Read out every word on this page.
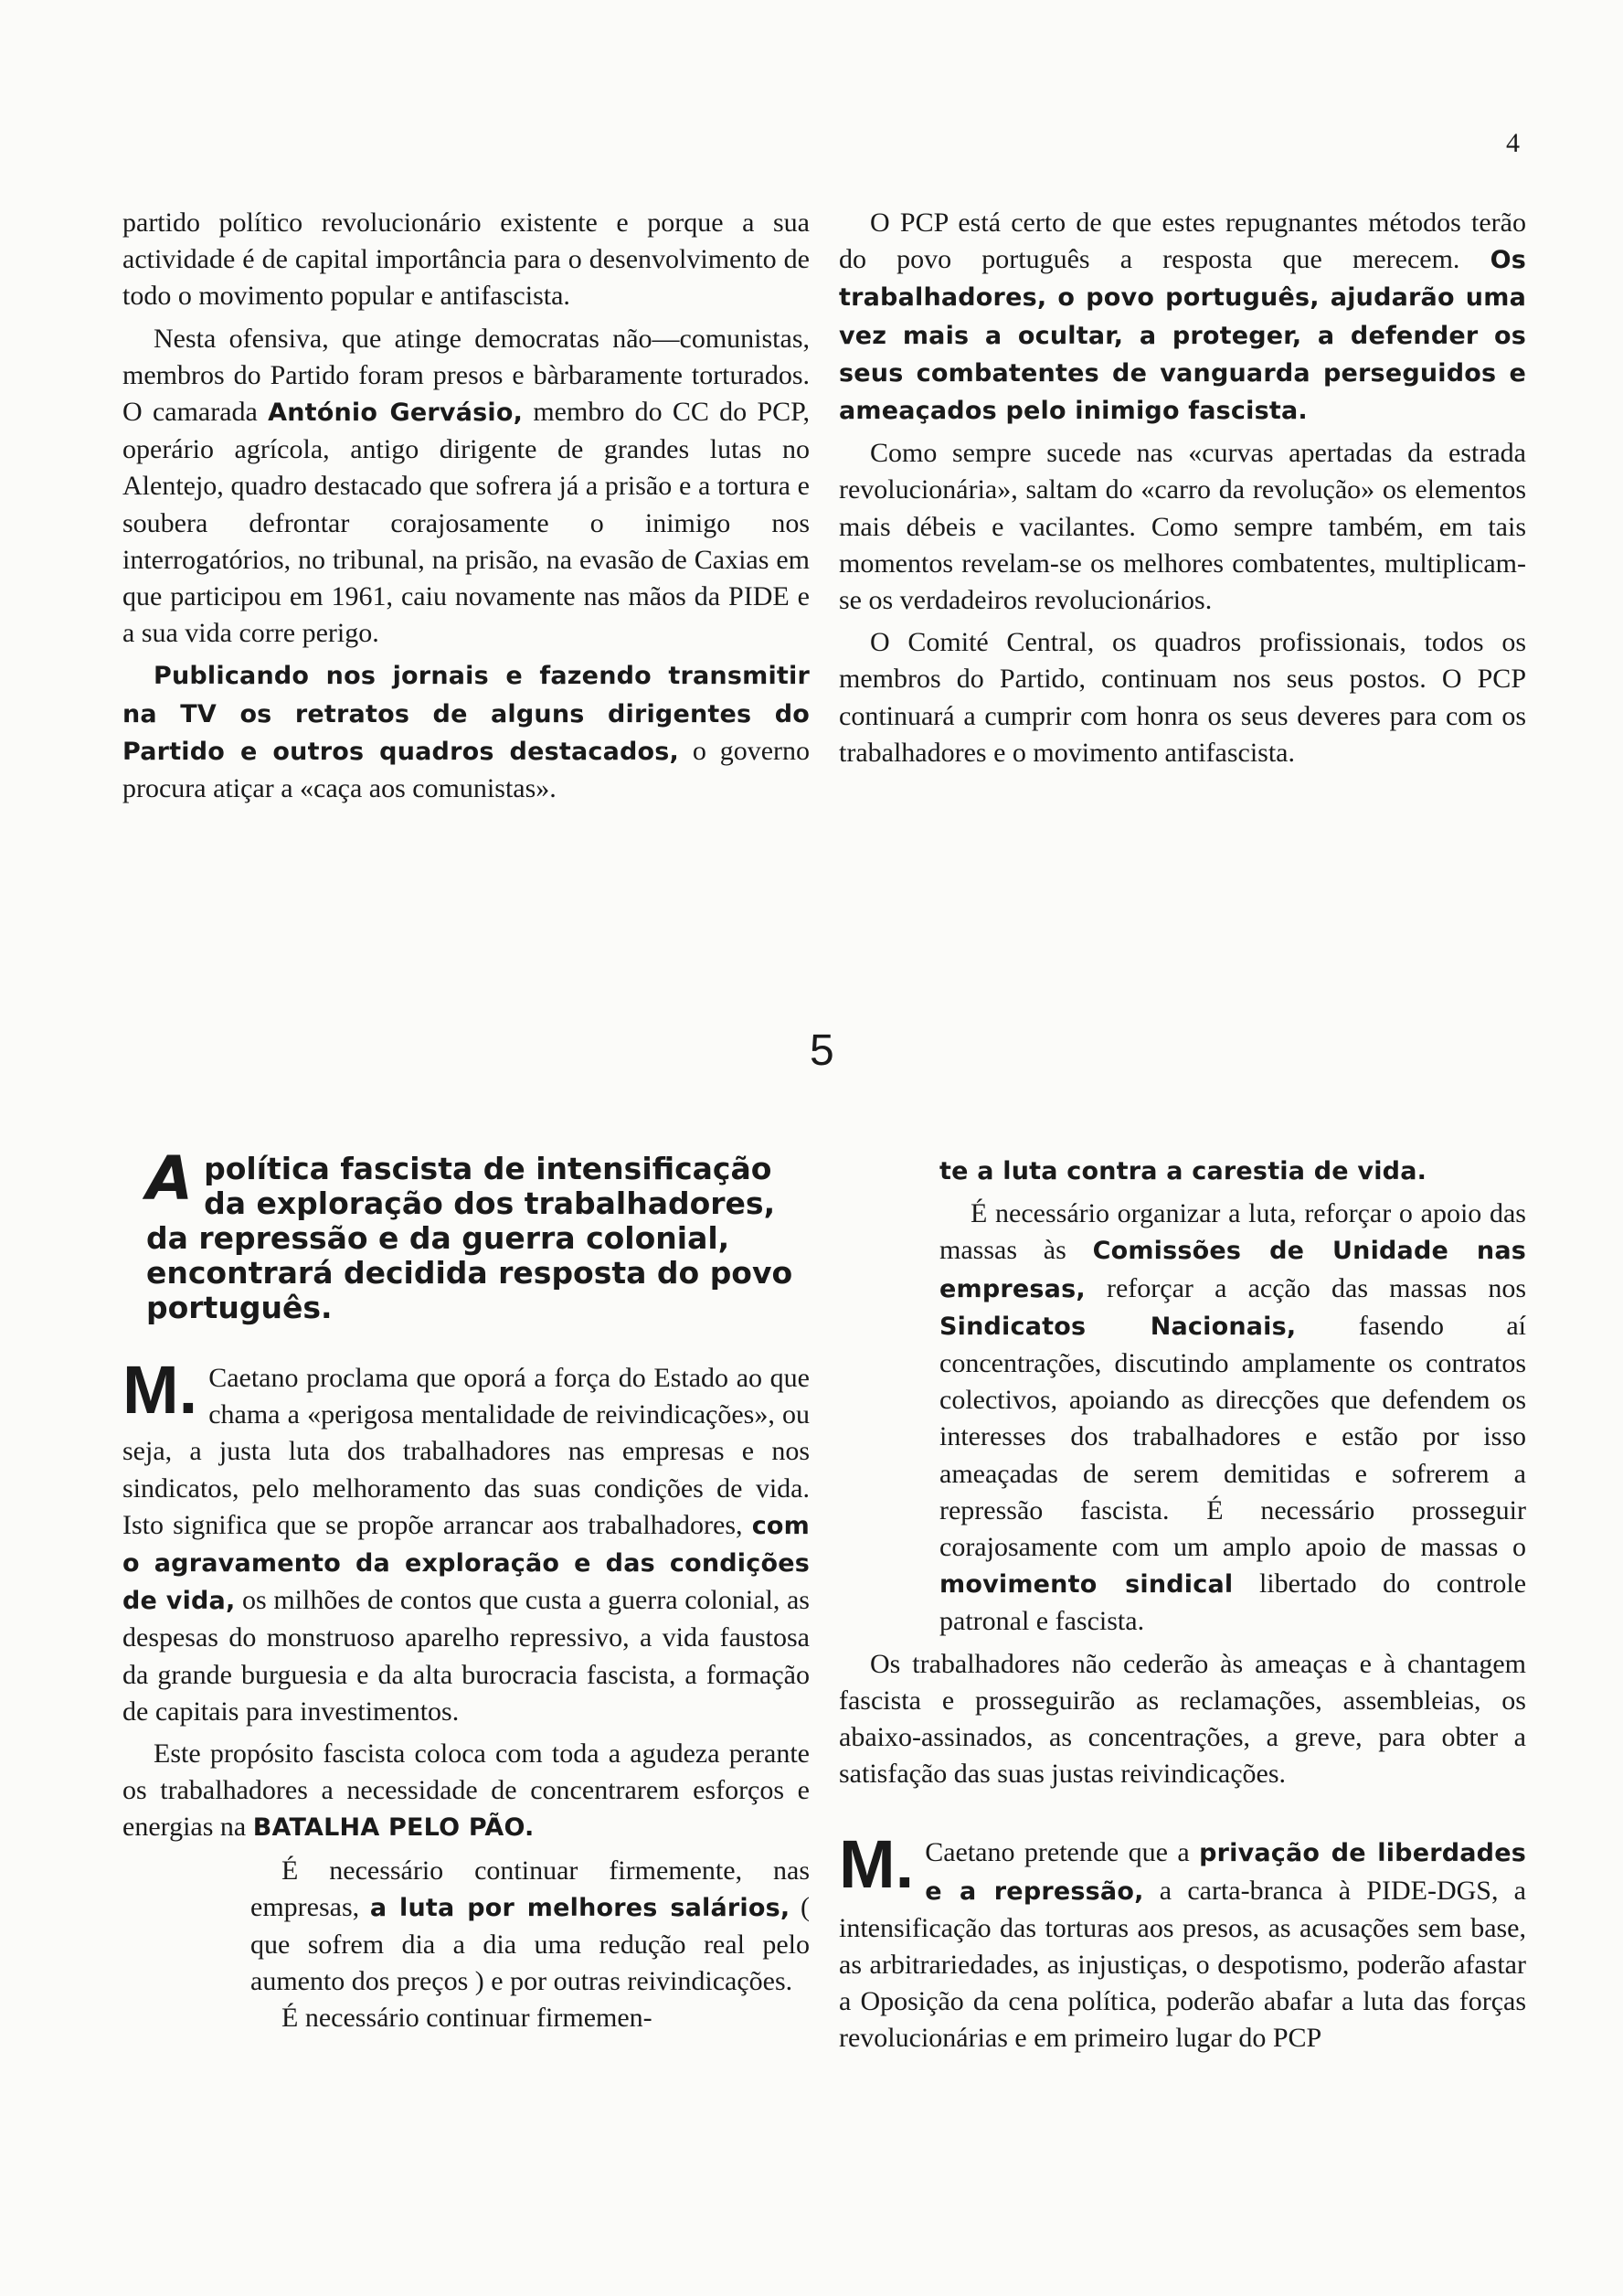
4

partido político revolucionário existente e porque a sua actividade é de capital importância para o desenvolvimento de todo o movimento popular e antifascista.

Nesta ofensiva, que atinge democratas não—comunistas, membros do Partido foram presos e bàrbaramente torturados. O camarada António Gervásio, membro do CC do PCP, operário agrícola, antigo dirigente de grandes lutas no Alentejo, quadro destacado que sofrera já a prisão e a tortura e soubera defrontar corajosamente o inimigo nos interrogatórios, no tribunal, na prisão, na evasão de Caxias em que participou em 1961, caiu novamente nas mãos da PIDE e a sua vida corre perigo.

Publicando nos jornais e fazendo transmitir na TV os retratos de alguns dirigentes do Partido e outros quadros destacados, o governo procura atiçar a «caça aos comunistas».

O PCP está certo de que estes repugnantes métodos terão do povo português a resposta que merecem. Os trabalhadores, o povo português, ajudarão uma vez mais a ocultar, a proteger, a defender os seus combatentes de vanguarda perseguidos e ameaçados pelo inimigo fascista.

Como sempre sucede nas «curvas apertadas da estrada revolucionária», saltam do «carro da revolução» os elementos mais débeis e vacilantes. Como sempre também, em tais momentos revelam-se os melhores combatentes, multiplicam-se os verdadeiros revolucionários.

O Comité Central, os quadros profissionais, todos os membros do Partido, continuam nos seus postos. O PCP continuará a cumprir com honra os seus deveres para com os trabalhadores e o movimento antifascista.

5
A política fascista de intensificação da exploração dos trabalhadores, da repressão e da guerra colonial, encontrará decidida resposta do povo português.

M. Caetano proclama que oporá a força do Estado ao que chama a «perigosa mentalidade de reivindicações», ou seja, a justa luta dos trabalhadores nas empresas e nos sindicatos, pelo melhoramento das suas condições de vida. Isto significa que se propõe arrancar aos trabalhadores, com o agravamento da exploração e das condições de vida, os milhões de contos que custa a guerra colonial, as despesas do monstruoso aparelho repressivo, a vida faustosa da grande burguesia e da alta burocracia fascista, a formação de capitais para investimentos.

Este propósito fascista coloca com toda a agudeza perante os trabalhadores a necessidade de concentrarem esforços e energias na BATALHA PELO PÃO.

É necessário continuar firmemente, nas empresas, a luta por melhores salários, ( que sofrem dia a dia uma redução real pelo aumento dos preços ) e por outras reivindicações.

É necessário continuar firmemen-

te a luta contra a carestia de vida.

É necessário organizar a luta, reforçar o apoio das massas às Comissões de Unidade nas empresas, reforçar a acção das massas nos Sindicatos Nacionais, fasendo aí concentrações, discutindo amplamente os contratos colectivos, apoiando as direcções que defendem os interesses dos trabalhadores e estão por isso ameaçadas de serem demitidas e sofrerem a repressão fascista. É necessário prosseguir corajosamente com um amplo apoio de massas o movimento sindical libertado do controle patronal e fascista.

Os trabalhadores não cederão às ameaças e à chantagem fascista e prosseguirão as reclamações, assembleias, os abaixo-assinados, as concentrações, a greve, para obter a satisfação das suas justas reivindicações.

M. Caetano pretende que a privação de liberdades e a repressão, a carta-branca à PIDE-DGS, a intensificação das torturas aos presos, as acusações sem base, as arbitrariedades, as injustiças, o despotismo, poderão afastar a Oposição da cena política, poderão abafar a luta das forças revolucionárias e em primeiro lugar do PCP
